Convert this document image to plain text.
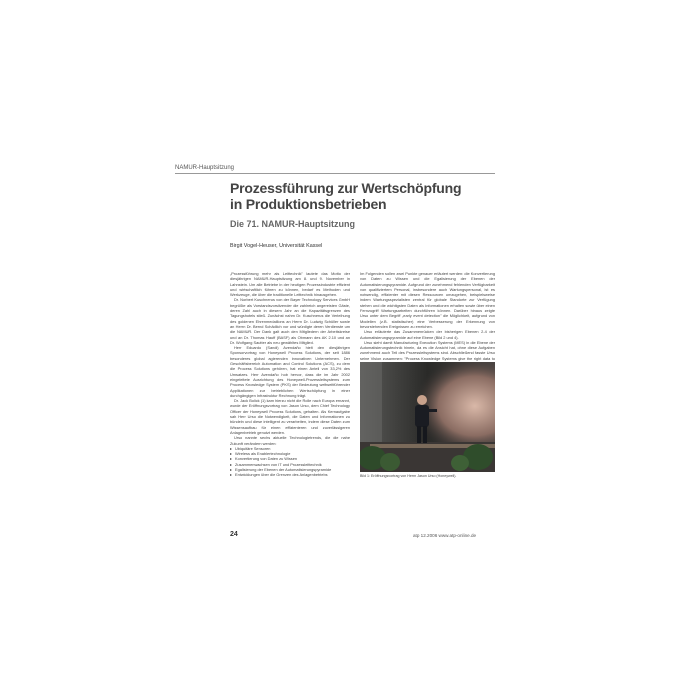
NAMUR-Hauptsitzung
Prozessführung zur Wertschöpfung
in Produktionsbetrieben
Die 71. NAMUR-Hauptsitzung
Birgit Vogel-Heuser, Universität Kassel

„Prozessführung mehr als Leittechnik" lautete das Motto der diesjährigen NAMUR-Hauptsitzung am 8. und 9. November in Lahnstein. Um alle Betriebe in der heutigen Prozessindustrie effizient und wirtschaftlich führen zu können, bedarf es Methoden und Werkzeuge, die über die traditionelle Leittechnik hinausgehen.

Dr. Norbert Kuschnerus von der Bayer Technology Services GmbH begrüßte als Vorstandsvorsitzender die zahlreich angereisten Gäste, deren Zahl auch in diesem Jahr an die Kapazitätsgrenzen des Tagungshotels stieß. Zunächst nahm Dr. Kuschnerus die Verleihung des goldenen Ehrenmedaillons an Herrn Dr. Ludwig Schüller sowie an Herrn Dr. Bernd Schädlich vor und würdigte deren Verdienste um die NAMUR. Der Dank galt auch den Mitgliedern der Arbeitskreise und an Dr. Thomas Hauff (BASF) als Obmann des AK 2.10 und an Dr. Wolfgang Sautter als neu gewähltes Mitglied.

Herr Eduardo (Sandi) Avendaño hielt den diesjährigen Sponsorvortrag von Honeywell Process Solutions, der seit 1886 besonderes global agierenden innovativen Unternehmen. Der Geschäftsbereich Automation and Control Solutions (ACS), zu dem die Process Solutions gehören, hat einen Anteil von 33,2% des Umsatzes. Herr Avendaño hob hervor, dass die im Jahr 2002 eingeleitete Ausrichtung des Honeywell-Prozessleitsystems zum Process Knowledge System (PKS) der Bedeutung weltweitführender Applikationen zur betrieblichen Wertschöpfung in einer durchgängigen Infrastruktur Rechnung trägt.

Dr. Jack Bolick (1) kam hierzu nicht die Rolle nach Europa ernannt, wurde der Eröffnungsvortrag von Jason Urso, dem Chief Technology Officer der Honeywell Process Solutions, gehalten. Als Kernaufgabe sah Herr Urso die Notwendigkeit, die Daten und Informationen zu bündeln und diese intelligent zu verarbeiten, indem diese Daten zum Wissensaufbau für einen effizienteren und zuverlässigeren Anlagenbetrieb genutzt werden.

Urso nannte sechs aktuelle Technologietrends, die die nahe Zukunft verändern werden:

▸ Ubiquitäre Sensoren
▸ Wireless als Enablertechnologie
▸ Konvertierung von Daten zu Wissen
▸ Zusammenwachsen von IT und Prozessleittechnik
▸ Egalisierung der Ebenen der Automatisierungspyramide
▸ Entwicklungen über die Grenzen des Anlagenbetriebs

Im Folgenden sollen zwei Punkte genauer erläutert werden: die Konvertierung von Daten zu Wissen und die Egalisierung der Ebenen der Automatisierungspyramide. Aufgrund der zunehmend fehlenden Verfügbarkeit von qualifiziertem Personal, insbesondere auch Wartungspersonal, ist es notwendig, effizienter mit diesen Ressourcen umzugehen, beispielsweise indem Wartungsspezialisten zentral für globale Standorte zur Verfügung stehen und die wichtigsten Daten als Informationen erhalten sowie über einen Fernzugriff Wartungsarbeiten durchführen können. Darüber hinaus zeigte Urso unter dem Begriff „early event detection" die Möglichkeit, aufgrund von Modellen (z.B. statistischer) eine Verbesserung der Erkennung von bevorstehenden Ereignissen zu erreichen.

Urso erläuterte das Zusammenrücken der bisherigen Ebenen 2-4 der Automatisierungspyramide auf eine Ebene (Bild 2 und 4).

Urso sieht damit Manufacturing Execution Systems (MES) in die Ebene der Automatisierungstechnik hinein, da es die Ansicht hat, ohne diese Aufgaben zunehmend auch Teil des Prozessleitsystems sind. Abschließend fasste Urso seine Vision zusammen: "Process Knowledge Systems give the right data to

Bild 1: Eröffnungsvortrag von Herrn Jason Urso (Honeywell).
24	atp 12.2006 www.atp-online.de
